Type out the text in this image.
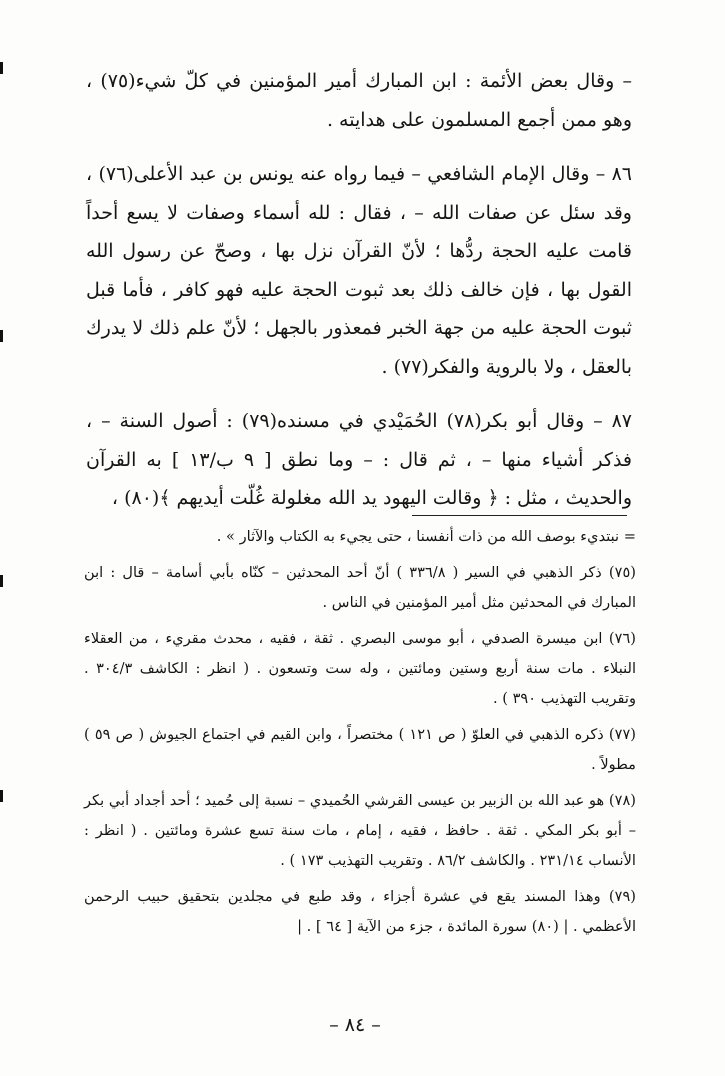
– وقال بعض الأئمة : ابن المبارك أمير المؤمنين في كلّ شيء(٧٥) ، وهو ممن أجمع المسلمون على هدايته .

٨٦ – وقال الإمام الشافعي – فيما رواه عنه يونس بن عبد الأعلى(٧٦) ، وقد سئل عن صفات الله – ، فقال : لله أسماء وصفات لا يسع أحداً قامت عليه الحجة ردُّها ؛ لأنّ القرآن نزل بها ، وصحّ عن رسول الله القول بها ، فإن خالف ذلك بعد ثبوت الحجة عليه فهو كافر ، فأما قبل ثبوت الحجة عليه من جهة الخبر فمعذور بالجهل ؛ لأنّ علم ذلك لا يدرك بالعقل ، ولا بالروية والفكر(٧٧) .

٨٧ – وقال أبو بكر(٧٨) الحُمَيْدي في مسنده(٧٩) : أصول السنة – ، فذكر أشياء منها – ، ثم قال : – وما نطق [ ٩ ب/١٣ ] به القرآن والحديث ، مثل : ﴿ وقالت اليهود يد الله مغلولة غُلّت أيديهم ﴾(٨٠) ،

= نبتديء بوصف الله من ذات أنفسنا ، حتى يجيء به الكتاب والآثار » .

(٧٥) ذكر الذهبي في السير ( ٣٣٦/٨ ) أنّ أحد المحدثين – كنّاه بأبي أسامة – قال : ابن المبارك في المحدثين مثل أمير المؤمنين في الناس .

(٧٦) ابن ميسرة الصدفي ، أبو موسى البصري . ثقة ، فقيه ، محدث مقريء ، من العقلاء النبلاء . مات سنة أربع وستين ومائتين ، وله ست وتسعون . ( انظر : الكاشف ٣٠٤/٣ . وتقريب التهذيب ٣٩٠ ) .

(٧٧) ذكره الذهبي في العلوّ ( ص ١٢١ ) مختصراً ، وابن القيم في اجتماع الجيوش ( ص ٥٩ ) مطولاً .

(٧٨) هو عبد الله بن الزبير بن عيسى القرشي الحُميدي – نسبة إلى حُميد ؛ أحد أجداد أبي بكر – أبو بكر المكي . ثقة . حافظ ، فقيه ، إمام ، مات سنة تسع عشرة ومائتين . ( انظر : الأنساب ٢٣١/١٤ . والكاشف ٨٦/٢ . وتقريب التهذيب ١٧٣ ) .

(٧٩) وهذا المسند يقع في عشرة أجزاء ، وقد طبع في مجلدين بتحقيق حبيب الرحمن الأعظمي . | (٨٠) سورة المائدة ، جزء من الآية [ ٦٤ ] . |

– ٨٤ –
